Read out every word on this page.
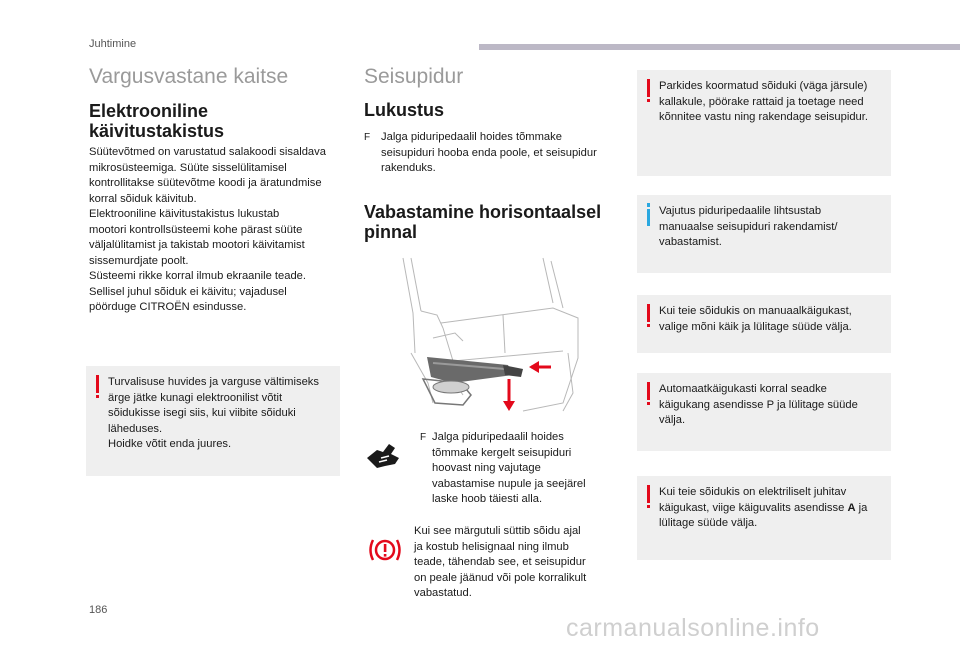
Juhtimine
Vargusvastane kaitse
Elektrooniline
käivitustakistus
Süütevõtmed on varustatud salakoodi sisaldava
mikrosüsteemiga. Süüte sisselülitamisel
kontrollitakse süütevõtme koodi ja äratundmise
korral sõiduk käivitub.
Elektrooniline käivitustakistus lukustab
mootori kontrollsüsteemi kohe pärast süüte
väljalülitamist ja takistab mootori käivitamist
sissemurdjate poolt.
Süsteemi rikke korral ilmub ekraanile teade.
Sellisel juhul sõiduk ei käivitu; vajadusel
pöörduge CITROËN esindusse.
Turvalisuse huvides ja varguse vältimiseks
ärge jätke kunagi elektroonilist võtit
sõidukisse isegi siis, kui viibite sõiduki
läheduses.
Hoidke võtit enda juures.
Seisupidur
Lukustus
F Jalga piduripedaalil hoides tõmmake
seisupiduri hooba enda poole, et seisupidur
rakenduks.
Vabastamine horisontaalsel
pinnal
F Jalga piduripedaalil hoides
tõmmake kergelt seisupiduri
hoovast ning vajutage
vabastamise nupule ja seejärel
laske hoob täiesti alla.
Kui see märgutuli süttib sõidu ajal
ja kostub helisignaal ning ilmub
teade, tähendab see, et seisupidur
on peale jäänud või pole korralikult
vabastatud.
Parkides koormatud sõiduki (väga järsule)
kallakule, pöörake rattaid ja toetage need
kõnnitee vastu ning rakendage seisupidur.
Vajutus piduripedaalile lihtsustab
manuaalse seisupiduri rakendamist/
vabastamist.
Kui teie sõidukis on manuaalkäigukast,
valige mõni käik ja lülitage süüde välja.
Automaatkäigukasti korral seadke
käigukang asendisse P ja lülitage süüde
välja.
Kui teie sõidukis on elektriliselt juhitav
käigukast, viige käiguvalits asendisse A ja
lülitage süüde välja.
186
carmanualsonline.info
